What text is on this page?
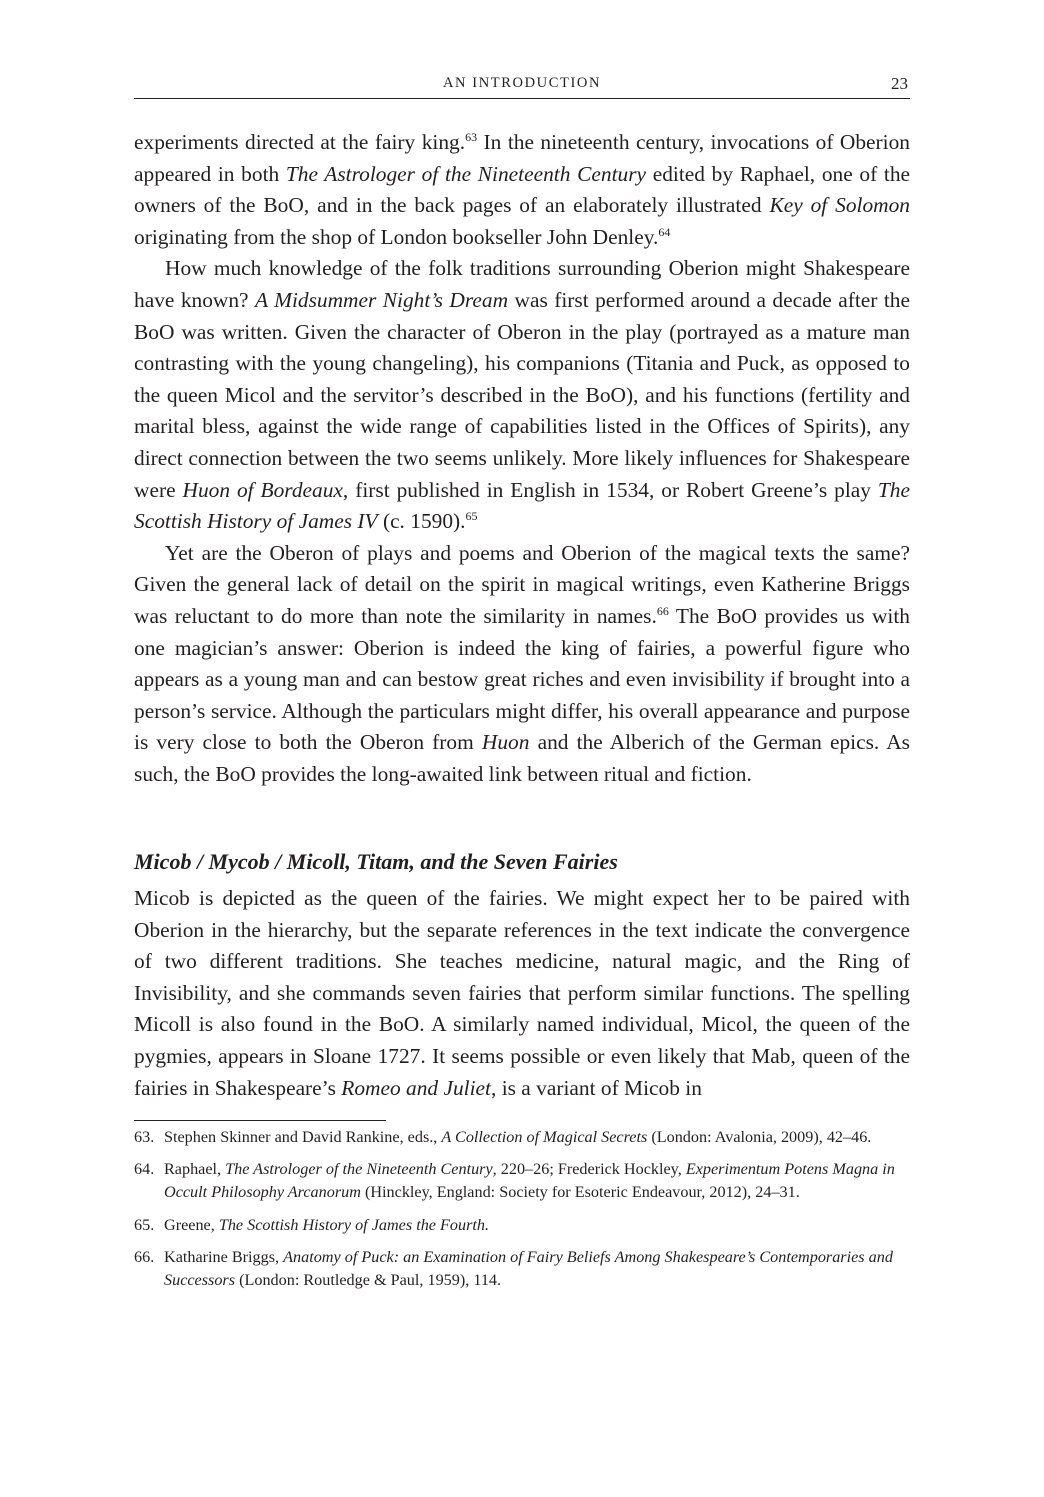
AN INTRODUCTION	23

experiments directed at the fairy king.$^{63}$ In the nineteenth century, invocations of Oberion appeared in both The Astrologer of the Nineteenth Century edited by Raphael, one of the owners of the BoO, and in the back pages of an elaborately illustrated Key of Solomon originating from the shop of London bookseller John Denley.$^{64}$

How much knowledge of the folk traditions surrounding Oberion might Shakespeare have known? A Midsummer Night’s Dream was first performed around a decade after the BoO was written. Given the character of Oberon in the play (portrayed as a mature man contrasting with the young changeling), his companions (Titania and Puck, as opposed to the queen Micol and the servitor’s described in the BoO), and his functions (fertility and marital bless, against the wide range of capabilities listed in the Offices of Spirits), any direct connection between the two seems unlikely. More likely influences for Shakespeare were Huon of Bordeaux, first published in English in 1534, or Robert Greene’s play The Scottish History of James IV (c. 1590).$^{65}$

Yet are the Oberon of plays and poems and Oberion of the magical texts the same? Given the general lack of detail on the spirit in magical writings, even Katherine Briggs was reluctant to do more than note the similarity in names.$^{66}$ The BoO provides us with one magician’s answer: Oberion is indeed the king of fairies, a powerful figure who appears as a young man and can bestow great riches and even invisibility if brought into a person’s service. Although the particulars might differ, his overall appearance and purpose is very close to both the Oberon from Huon and the Alberich of the German epics. As such, the BoO provides the long-awaited link between ritual and fiction.

Micob / Mycob / Micoll, Titam, and the Seven Fairies

Micob is depicted as the queen of the fairies. We might expect her to be paired with Oberion in the hierarchy, but the separate references in the text indicate the convergence of two different traditions. She teaches medicine, natural magic, and the Ring of Invisibility, and she commands seven fairies that perform similar functions. The spelling Micoll is also found in the BoO. A similarly named individual, Micol, the queen of the pygmies, appears in Sloane 1727. It seems possible or even likely that Mab, queen of the fairies in Shakespeare’s Romeo and Juliet, is a variant of Micob in

63. Stephen Skinner and David Rankine, eds., A Collection of Magical Secrets (London: Avalonia, 2009), 42–46.
64. Raphael, The Astrologer of the Nineteenth Century, 220–26; Frederick Hockley, Experimentum Potens Magna in Occult Philosophy Arcanorum (Hinckley, England: Society for Esoteric Endeavour, 2012), 24–31.
65. Greene, The Scottish History of James the Fourth.
66. Katharine Briggs, Anatomy of Puck: an Examination of Fairy Beliefs Among Shakespeare’s Contemporaries and Successors (London: Routledge & Paul, 1959), 114.
